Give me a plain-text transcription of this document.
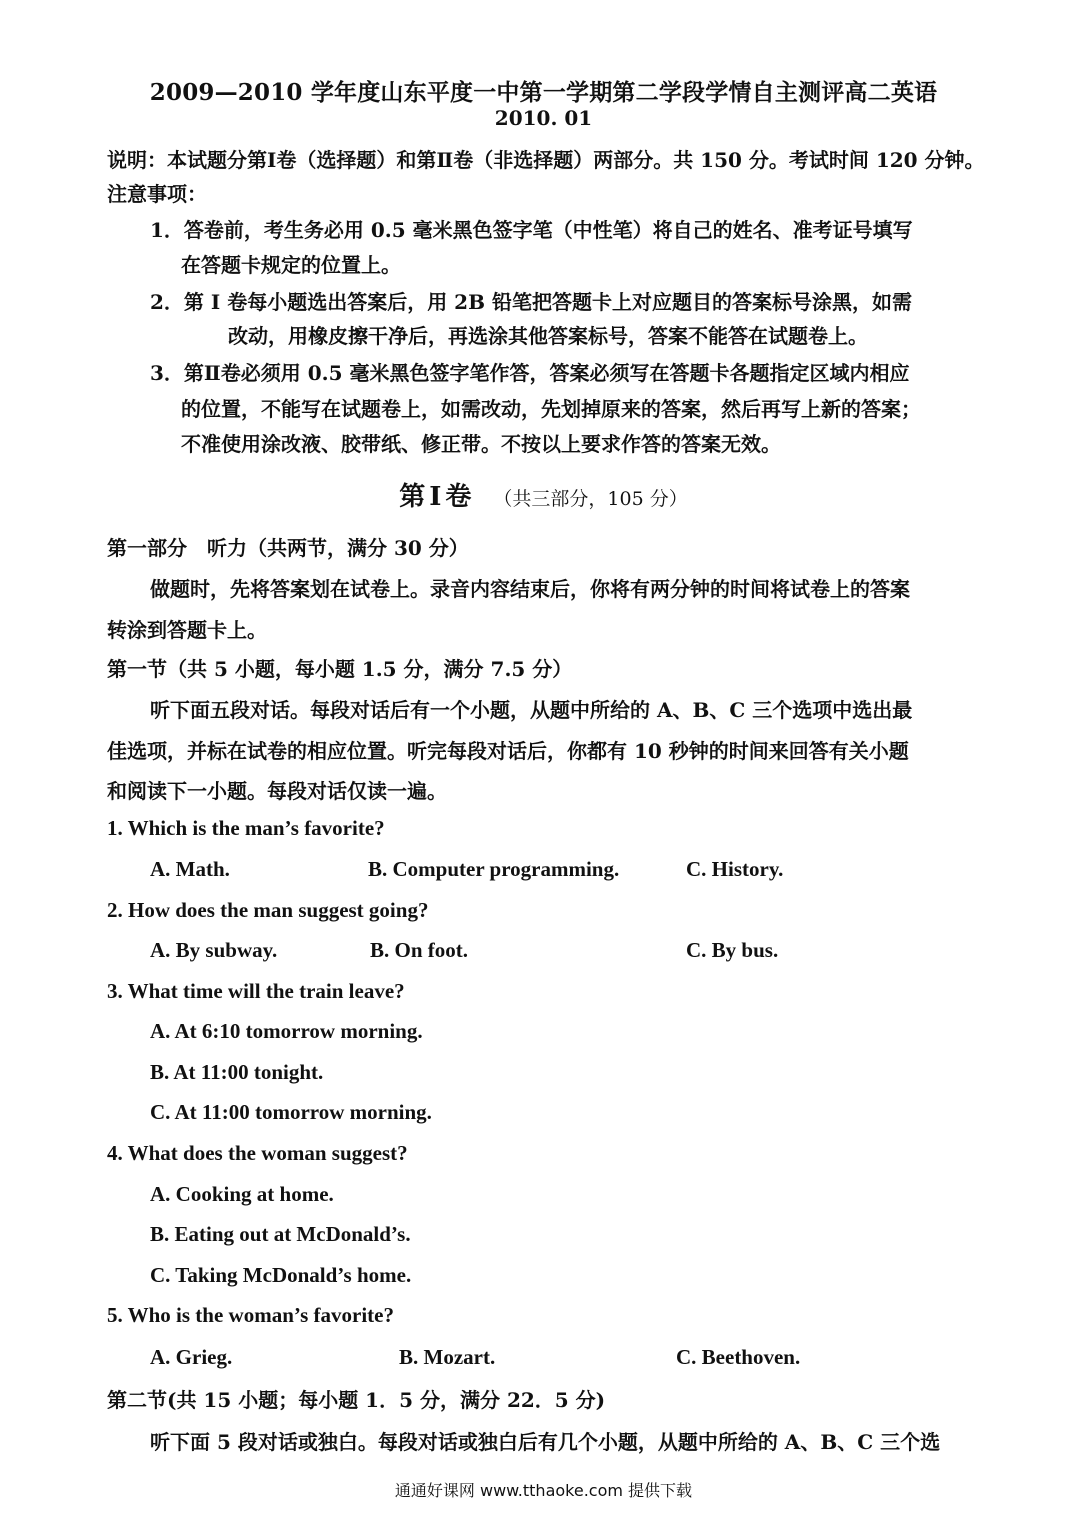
2009—2010 学年度山东平度一中第一学期第二学段学情自主测评高二英语
2010. 01
说明：本试题分第Ⅰ卷（选择题）和第Ⅱ卷（非选择题）两部分。共 150 分。考试时间 120 分钟。
注意事项：
1．答卷前，考生务必用 0.5 毫米黑色签字笔（中性笔）将自己的姓名、准考证号填写
在答题卡规定的位置上。
2．第 I 卷每小题选出答案后，用 2B 铅笔把答题卡上对应题目的答案标号涂黑，如需
改动，用橡皮擦干净后，再选涂其他答案标号，答案不能答在试题卷上。
3．第Ⅱ卷必须用 0.5 毫米黑色签字笔作答，答案必须写在答题卡各题指定区域内相应
的位置，不能写在试题卷上，如需改动，先划掉原来的答案，然后再写上新的答案；
不准使用涂改液、胶带纸、修正带。不按以上要求作答的答案无效。
第Ⅰ卷 （共三部分，105 分）
第一部分　听力（共两节，满分 30 分）
做题时，先将答案划在试卷上。录音内容结束后，你将有两分钟的时间将试卷上的答案
转涂到答题卡上。
第一节（共 5 小题，每小题 1.5 分，满分 7.5 分）
听下面五段对话。每段对话后有一个小题，从题中所给的 A、B、C 三个选项中选出最
佳选项，并标在试卷的相应位置。听完每段对话后，你都有 10 秒钟的时间来回答有关小题
和阅读下一小题。每段对话仅读一遍。
1. Which is the man’s favorite?
A. Math.	B. Computer programming.	C. History.
2. How does the man suggest going?
A. By subway.	B. On foot.	C. By bus.
3. What time will the train leave?
A. At 6:10 tomorrow morning.
B. At 11:00 tonight.
C. At 11:00 tomorrow morning.
4. What does the woman suggest?
A. Cooking at home.
B. Eating out at McDonald’s.
C. Taking McDonald’s home.
5. Who is the woman’s favorite?
A. Grieg.	B. Mozart.	C. Beethoven.
第二节(共 15 小题；每小题 1．5 分，满分 22．5 分)
听下面 5 段对话或独白。每段对话或独白后有几个小题，从题中所给的 A、B、C 三个选
通通好课网 www.tthaoke.com 提供下载
